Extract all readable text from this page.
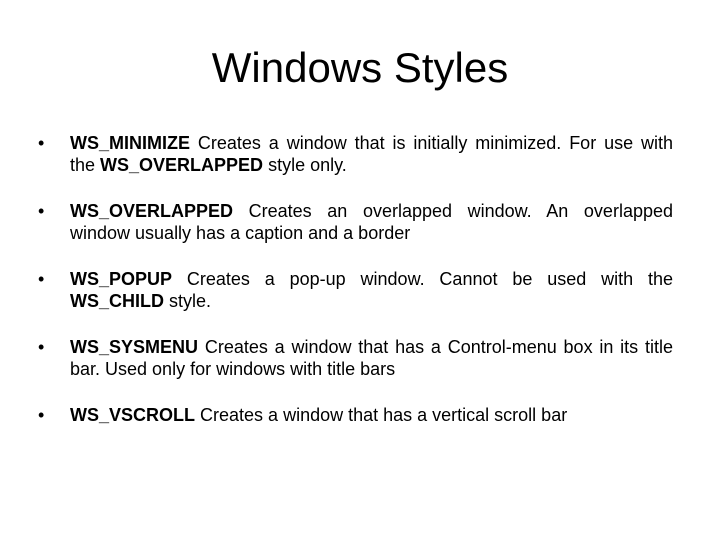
Windows Styles
• WS_MINIMIZE Creates a window that is initially minimized. For use with the WS_OVERLAPPED style only.
• WS_OVERLAPPED Creates an overlapped window. An overlapped window usually has a caption and a border
• WS_POPUP Creates a pop-up window. Cannot be used with the WS_CHILD style.
• WS_SYSMENU Creates a window that has a Control-menu box in its title bar. Used only for windows with title bars
• WS_VSCROLL Creates a window that has a vertical scroll bar
